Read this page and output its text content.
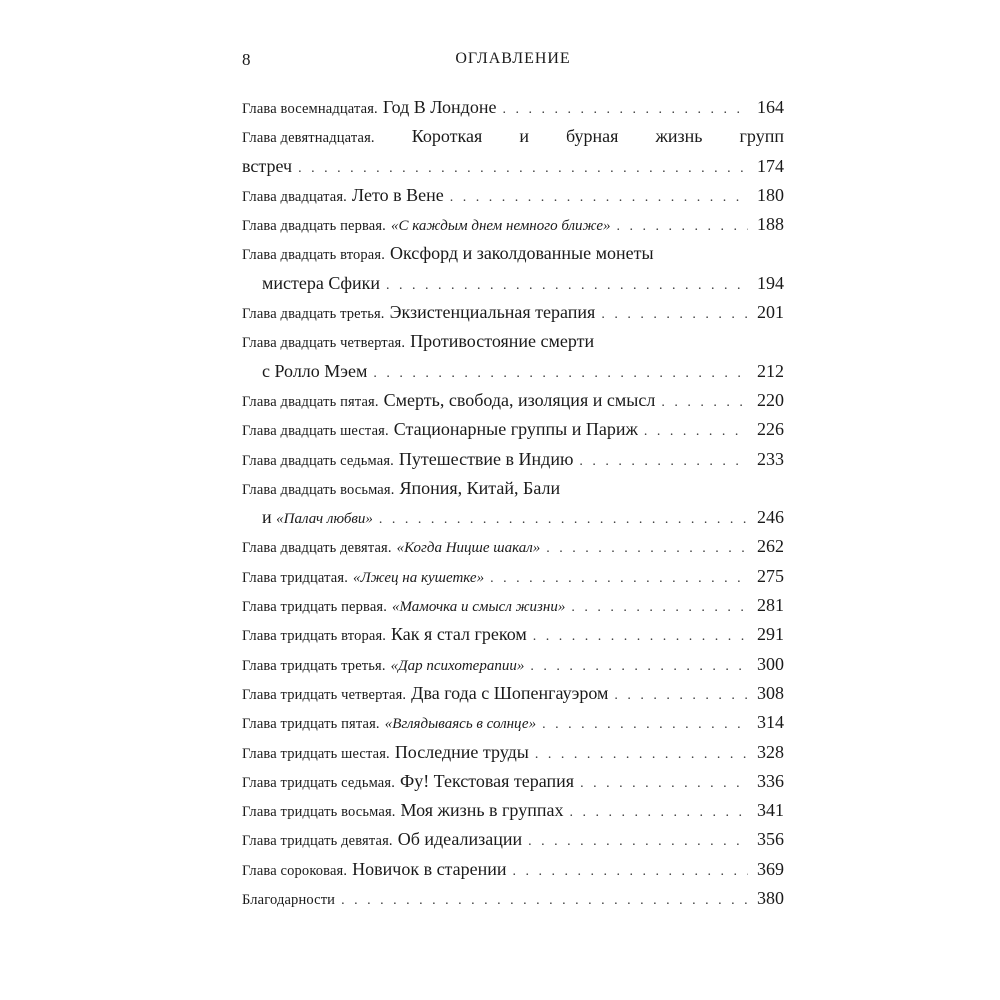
8	ОГЛАВЛЕНИЕ
Глава восемнадцатая. Год В Лондоне . . .	164
Глава девятнадцатая. Короткая и бурная жизнь групп
встреч . . .	174
Глава двадцатая. Лето в Вене . . .	180
Глава двадцать первая. «С каждым днем немного ближе» . . .	188
Глава двадцать вторая. Оксфорд и заколдованные монеты
мистера Сфики . . .	194
Глава двадцать третья. Экзистенциальная терапия . . .	201
Глава двадцать четвертая. Противостояние смерти
с Ролло Мэем . . .	212
Глава двадцать пятая. Смерть, свобода, изоляция и смысл . . .	220
Глава двадцать шестая. Стационарные группы и Париж . . .	226
Глава двадцать седьмая. Путешествие в Индию . . .	233
Глава двадцать восьмая. Япония, Китай, Бали
и «Палач любви» . . .	246
Глава двадцать девятая. «Когда Ницше шакал» . . .	262
Глава тридцатая. «Лжец на кушетке» . . .	275
Глава тридцать первая. «Мамочка и смысл жизни» . . .	281
Глава тридцать вторая. Как я стал греком . . .	291
Глава тридцать третья. «Дар психотерапии» . . .	300
Глава тридцать четвертая. Два года с Шопенгауэром . . .	308
Глава тридцать пятая. «Вглядываясь в солнце» . . .	314
Глава тридцать шестая. Последние труды . . .	328
Глава тридцать седьмая. Фу! Текстовая терапия . . .	336
Глава тридцать восьмая. Моя жизнь в группах . . .	341
Глава тридцать девятая. Об идеализации . . .	356
Глава сороковая. Новичок в старении . . .	369
Благодарности . . .	380
